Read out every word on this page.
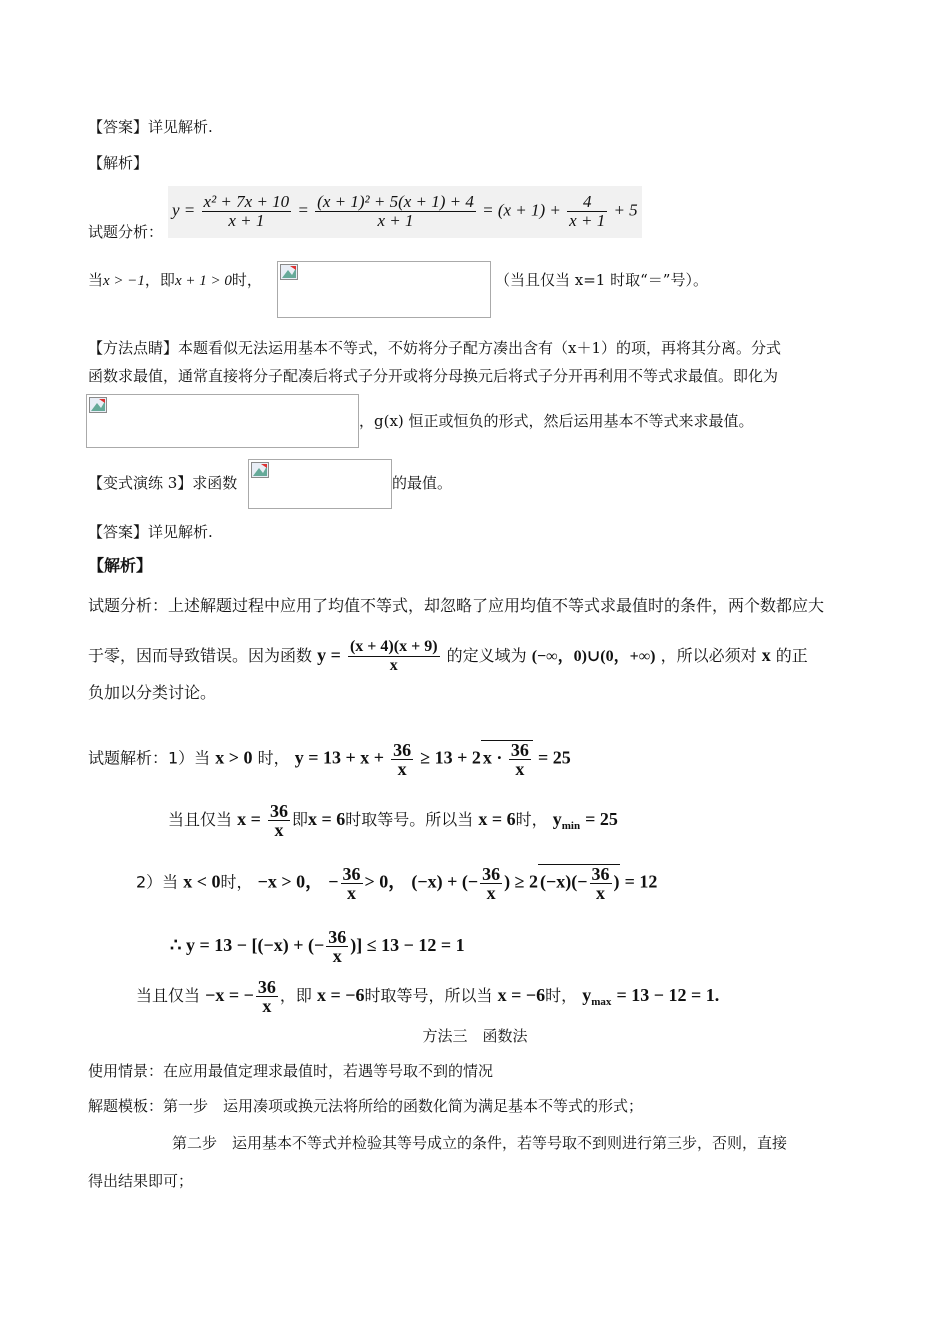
【答案】详见解析.
【解析】
试题分析：
$y = \frac{\text{x² + 7x + 10}}{x + 1} = \frac{\text{(x + 1)² + 5(x + 1) + 4}}{x + 1} = (x + 1) + \frac{4}{x + 1} + 5$
当x > −1，即x + 1 > 0时，	（当且仅当 x=1 时取“＝”号）。
【方法点睛】本题看似无法运用基本不等式，不妨将分子配方凑出含有（x＋1）的项，再将其分离。分式
函数求最值，通常直接将分子配凑后将式子分开或将分母换元后将式子分开再利用不等式求最值。即化为
，g(x) 恒正或恒负的形式，然后运用基本不等式来求最值。
【变式演练 3】求函数	的最值。
【答案】详见解析.
【解析】
试题分析：上述解题过程中应用了均值不等式，却忽略了应用均值不等式求最值时的条件，两个数都应大
于零，因而导致错误。因为函数 $y = \frac{(x + 4)(x + 9)}{x}$ 的定义域为 (−∞，0)∪(0，+∞) ，所以必须对 x 的正
负加以分类讨论。
试题解析：1）当 x > 0 时， $y = 13 + x + \frac{36}{x} \ge 13 + 2$ $x \cdot \frac{36}{x} = 25$
当且仅当 $x = \frac{36}{x}$ 即x = 6时取等号。所以当 x = 6时， $y_{min} = 25$
2）当 x < 0时， −x > 0， − $\frac{36}{x} > 0$， (−x) + (− $\frac{36}{x}$ ) ≥ 2 $(-x)(- \frac{36}{x}$ ) = 12
∴ y = 13 − [(−x) + (− $\frac{36}{x}$ )] ≤ 13 − 12 = 1
当且仅当 −x = − $\frac{36}{x}$ ，即 x = −6时取等号，所以当 x = −6时， $y_{max} = 13 - 12 = 1$.
方法三　函数法
使用情景：在应用最值定理求最值时，若遇等号取不到的情况
解题模板：第一步　运用凑项或换元法将所给的函数化简为满足基本不等式的形式；
第二步　运用基本不等式并检验其等号成立的条件，若等号取不到则进行第三步，否则，直接
得出结果即可；
